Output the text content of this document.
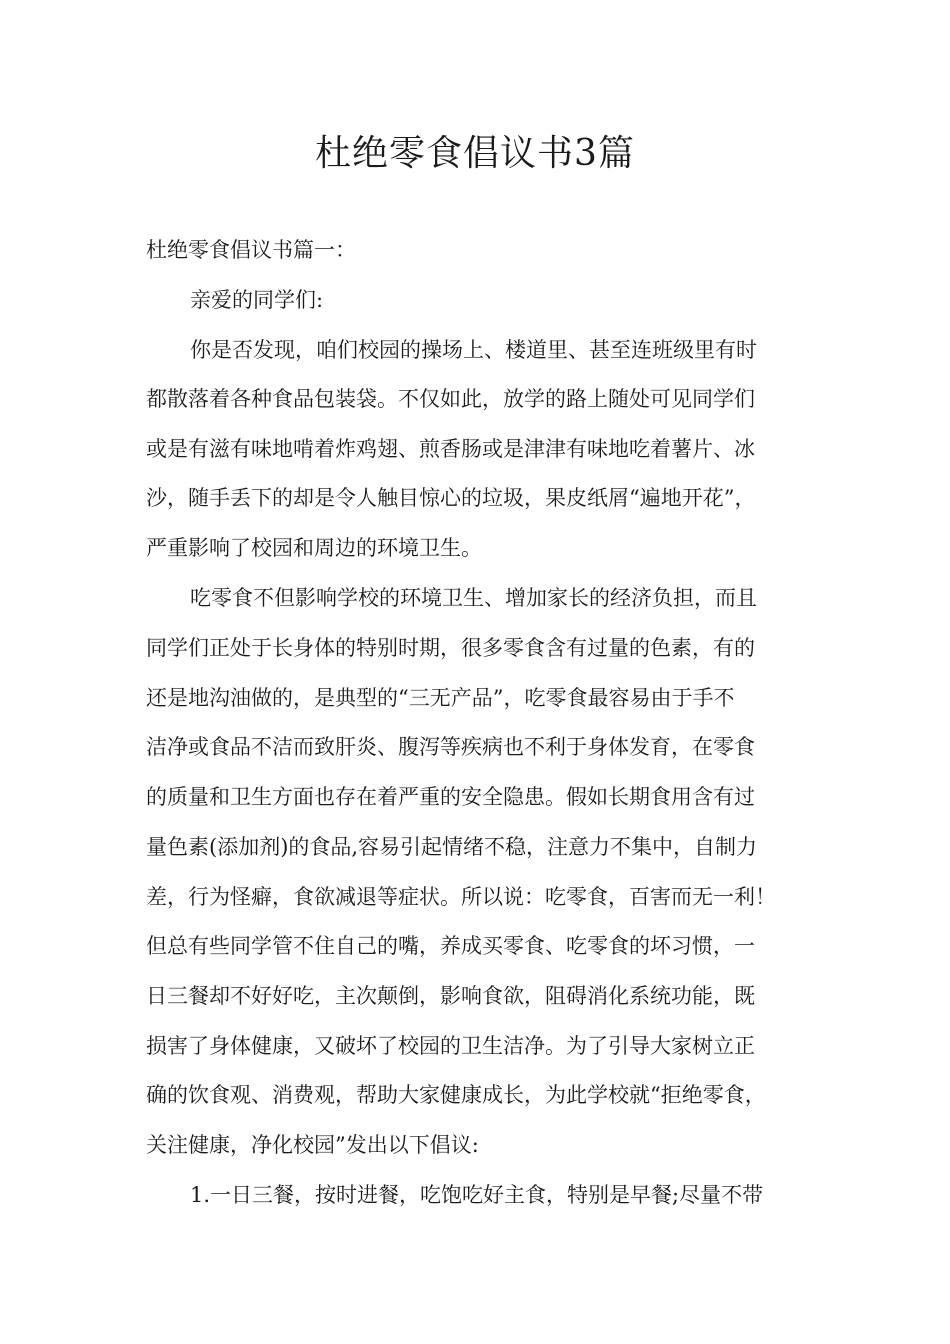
杜绝零食倡议书3篇

杜绝零食倡议书篇一：

亲爱的同学们:

你是否发现，咱们校园的操场上、楼道里、甚至连班级里有时

都散落着各种食品包装袋。不仅如此，放学的路上随处可见同学们

或是有滋有味地啃着炸鸡翅、煎香肠或是津津有味地吃着薯片、冰

沙，随手丢下的却是令人触目惊心的垃圾，果皮纸屑“遍地开花”，

严重影响了校园和周边的环境卫生。

吃零食不但影响学校的环境卫生、增加家长的经济负担，而且

同学们正处于长身体的特别时期，很多零食含有过量的色素，有的

还是地沟油做的，是典型的“三无产品”，吃零食最容易由于手不

洁净或食品不洁而致肝炎、腹泻等疾病也不利于身体发育，在零食

的质量和卫生方面也存在着严重的安全隐患。假如长期食用含有过

量色素(添加剂)的食品,容易引起情绪不稳，注意力不集中，自制力

差，行为怪癖，食欲减退等症状。所以说：吃零食，百害而无一利！

但总有些同学管不住自己的嘴，养成买零食、吃零食的坏习惯，一

日三餐却不好好吃，主次颠倒，影响食欲，阻碍消化系统功能，既

损害了身体健康，又破坏了校园的卫生洁净。为了引导大家树立正

确的饮食观、消费观，帮助大家健康成长，为此学校就“拒绝零食，

关注健康，净化校园”发出以下倡议:

1.一日三餐，按时进餐，吃饱吃好主食，特别是早餐;尽量不带
